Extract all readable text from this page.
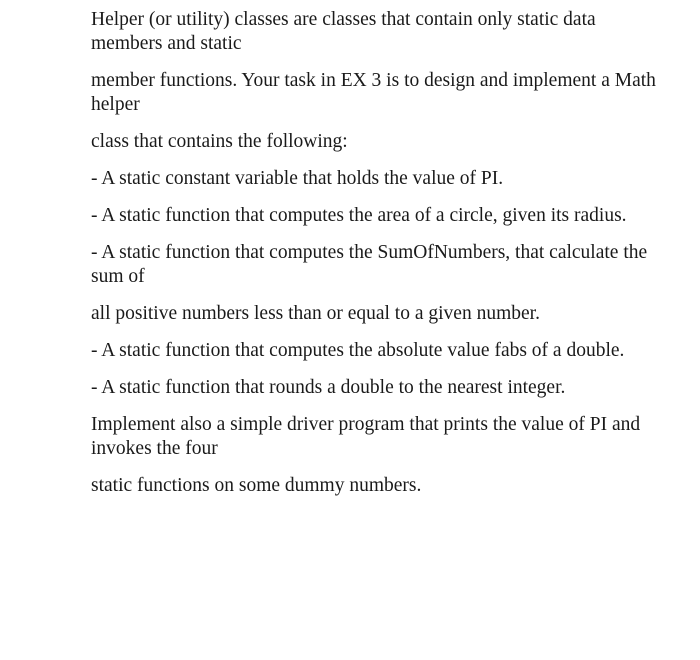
Helper (or utility) classes are classes that contain only static data members and static

member functions. Your task in EX 3 is to design and implement a Math helper

class that contains the following:

- A static constant variable that holds the value of PI.

- A static function that computes the area of a circle, given its radius.

- A static function that computes the SumOfNumbers, that calculate the sum of

all positive numbers less than or equal to a given number.

- A static function that computes the absolute value fabs of a double.

- A static function that rounds a double to the nearest integer.

Implement also a simple driver program that prints the value of PI and invokes the four

static functions on some dummy numbers.
